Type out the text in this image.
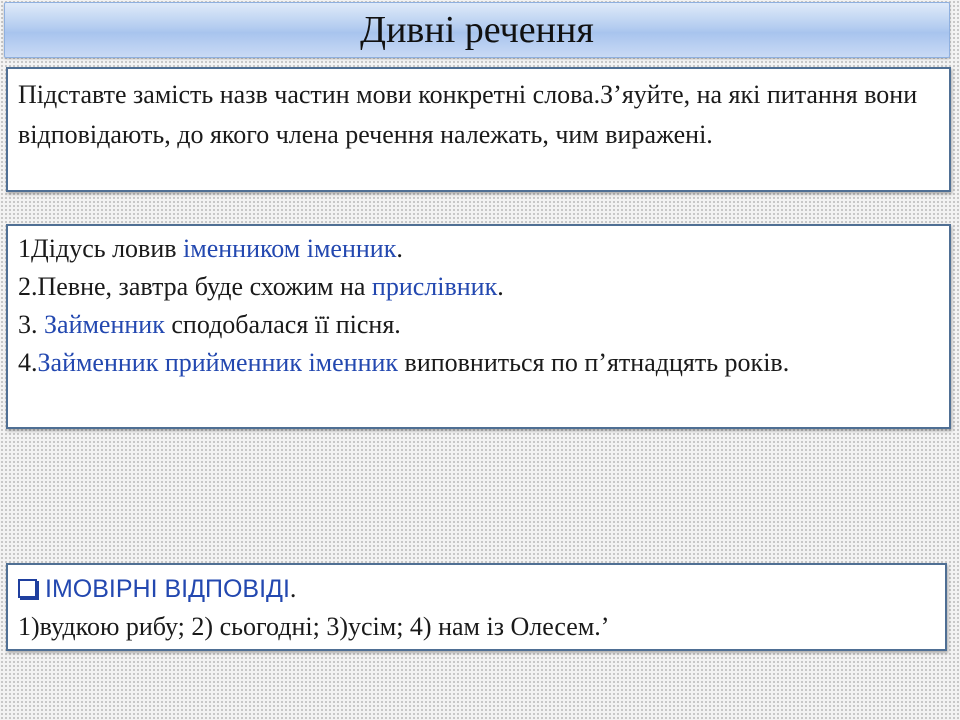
Дивні речення
Підставте замість назв частин мови конкретні слова.З’яуйте, на які питання вони відповідають, до якого члена речення належать, чим виражені.
1Дідусь ловив іменником іменник.
2.Певне, завтра буде схожим на прислівник.
3. Займенник сподобалася її пісня.
4.Займенник прийменник іменник виповниться по п’ятнадцять років.
ІМОВІРНІ ВІДПОВІДІ.
1)вудкою рибу; 2) сьогодні; 3)усім; 4) нам із Олесем.’
